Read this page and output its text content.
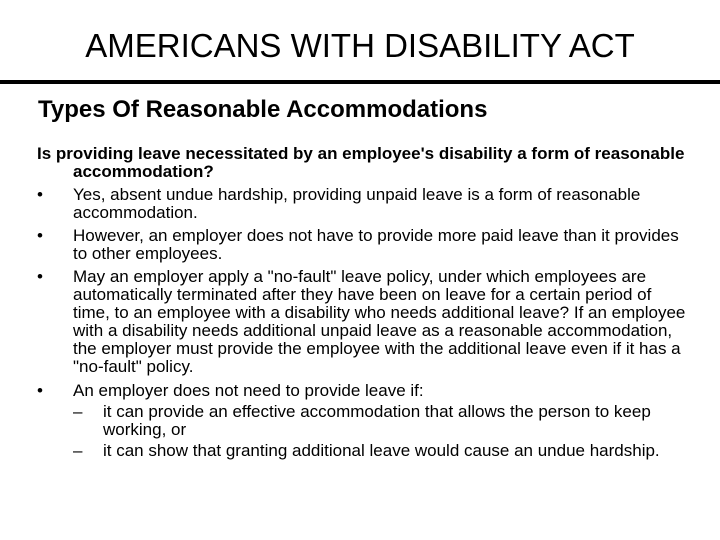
AMERICANS WITH DISABILITY ACT
Types Of Reasonable Accommodations
Is providing leave necessitated by an employee's disability a form of reasonable accommodation?
• Yes, absent undue hardship, providing unpaid leave is a form of reasonable accommodation.
• However, an employer does not have to provide more paid leave than it provides to other employees.
• May an employer apply a "no-fault" leave policy, under which employees are automatically terminated after they have been on leave for a certain period of time, to an employee with a disability who needs additional leave? If an employee with a disability needs additional unpaid leave as a reasonable accommodation, the employer must provide the employee with the additional leave even if it has a "no-fault" policy.
• An employer does not need to provide leave if:
–	it can provide an effective accommodation that allows the person to keep working, or
–	it can show that granting additional leave would cause an undue hardship.
